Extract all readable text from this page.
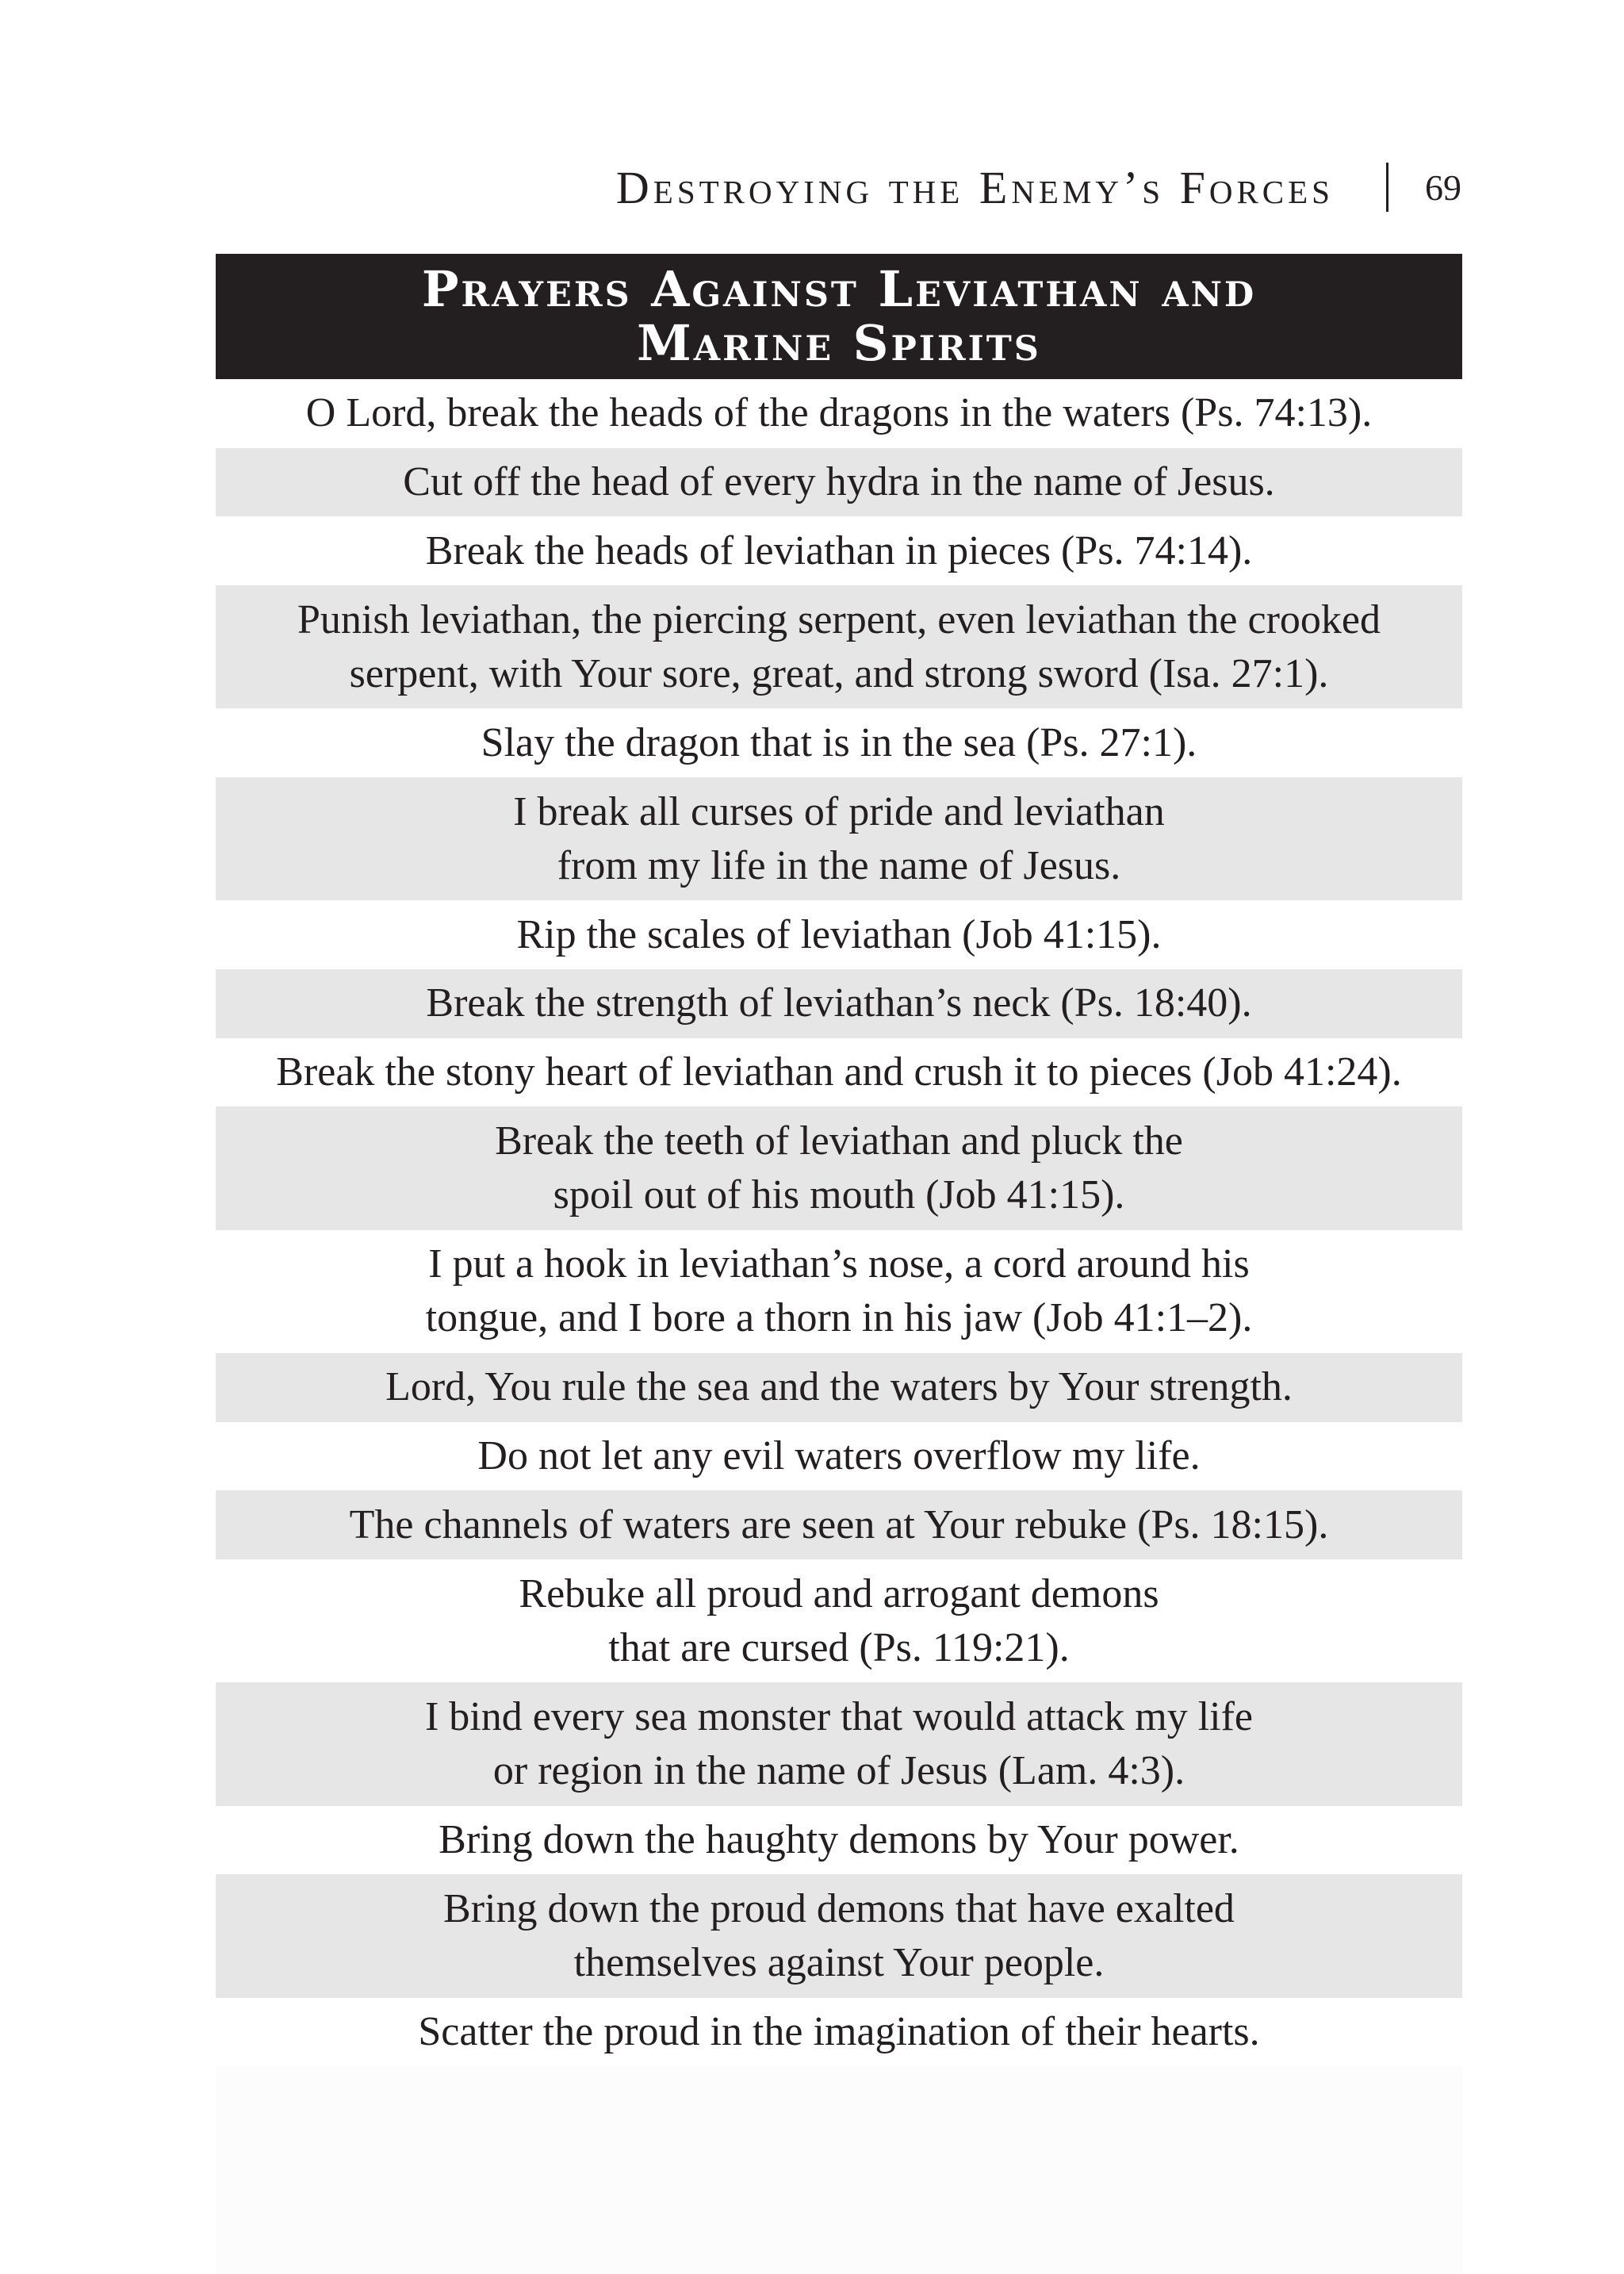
Destroying the Enemy’s Forces	69
Prayers Against Leviathan and
Marine Spirits
O Lord, break the heads of the dragons in the waters (Ps. 74:13).
Cut off the head of every hydra in the name of Jesus.
Break the heads of leviathan in pieces (Ps. 74:14).
Punish leviathan, the piercing serpent, even leviathan the crooked
serpent, with Your sore, great, and strong sword (Isa. 27:1).
Slay the dragon that is in the sea (Ps. 27:1).
I break all curses of pride and leviathan
from my life in the name of Jesus.
Rip the scales of leviathan (Job 41:15).
Break the strength of leviathan’s neck (Ps. 18:40).
Break the stony heart of leviathan and crush it to pieces (Job 41:24).
Break the teeth of leviathan and pluck the
spoil out of his mouth (Job 41:15).
I put a hook in leviathan’s nose, a cord around his
tongue, and I bore a thorn in his jaw (Job 41:1–2).
Lord, You rule the sea and the waters by Your strength.
Do not let any evil waters overflow my life.
The channels of waters are seen at Your rebuke (Ps. 18:15).
Rebuke all proud and arrogant demons
that are cursed (Ps. 119:21).
I bind every sea monster that would attack my life
or region in the name of Jesus (Lam. 4:3).
Bring down the haughty demons by Your power.
Bring down the proud demons that have exalted
themselves against Your people.
Scatter the proud in the imagination of their hearts.
